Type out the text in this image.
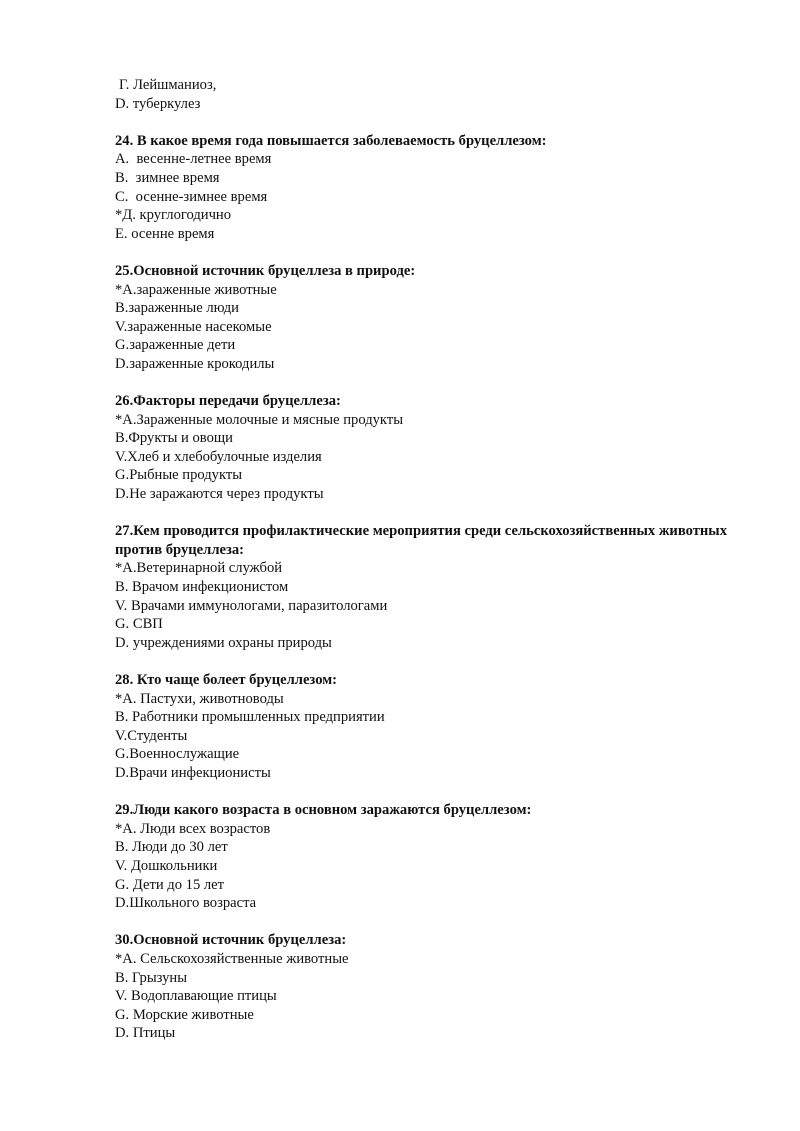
Г. Лейшманиоз,
D. туберкулез
24. В какое время года повышается заболеваемость бруцеллезом:
A.  весенне-летнее время
B.  зимнее время
C.  осенне-зимнее время
*Д. круглогодично
E. осенне время
25.Основной источник бруцеллеза в природе:
*A.зараженные животные
B.зараженные люди
V.зараженные насекомые
G.зараженные дети
D.зараженные крокодилы
26.Факторы передачи бруцеллеза:
*A.Зараженные молочные и мясные продукты
B.Фрукты и овощи
V.Хлеб и хлебобулочные изделия
G.Рыбные продукты
D.Не заражаются через продукты
27.Кем проводится профилактические мероприятия среди сельскохозяйственных животных против бруцеллеза:
*A.Ветеринарной службой
B. Врачом инфекционистом
V. Врачами иммунологами, паразитологами
G. СВП
D. учреждениями охраны природы
28. Кто чаще болеет бруцеллезом:
*A. Пастухи, животноводы
B. Работники промышленных предприятии
V.Студенты
G.Военнослужащие
D.Врачи инфекционисты
29.Люди какого возраста в основном заражаются бруцеллезом:
*A. Люди всех возрастов
B. Люди до 30 лет
V. Дошкольники
G. Дети до 15 лет
D.Школьного возраста
30.Основной источник бруцеллеза:
*A. Сельскохозяйственные животные
B. Грызуны
V. Водоплавающие птицы
G. Морские животные
D. Птицы
